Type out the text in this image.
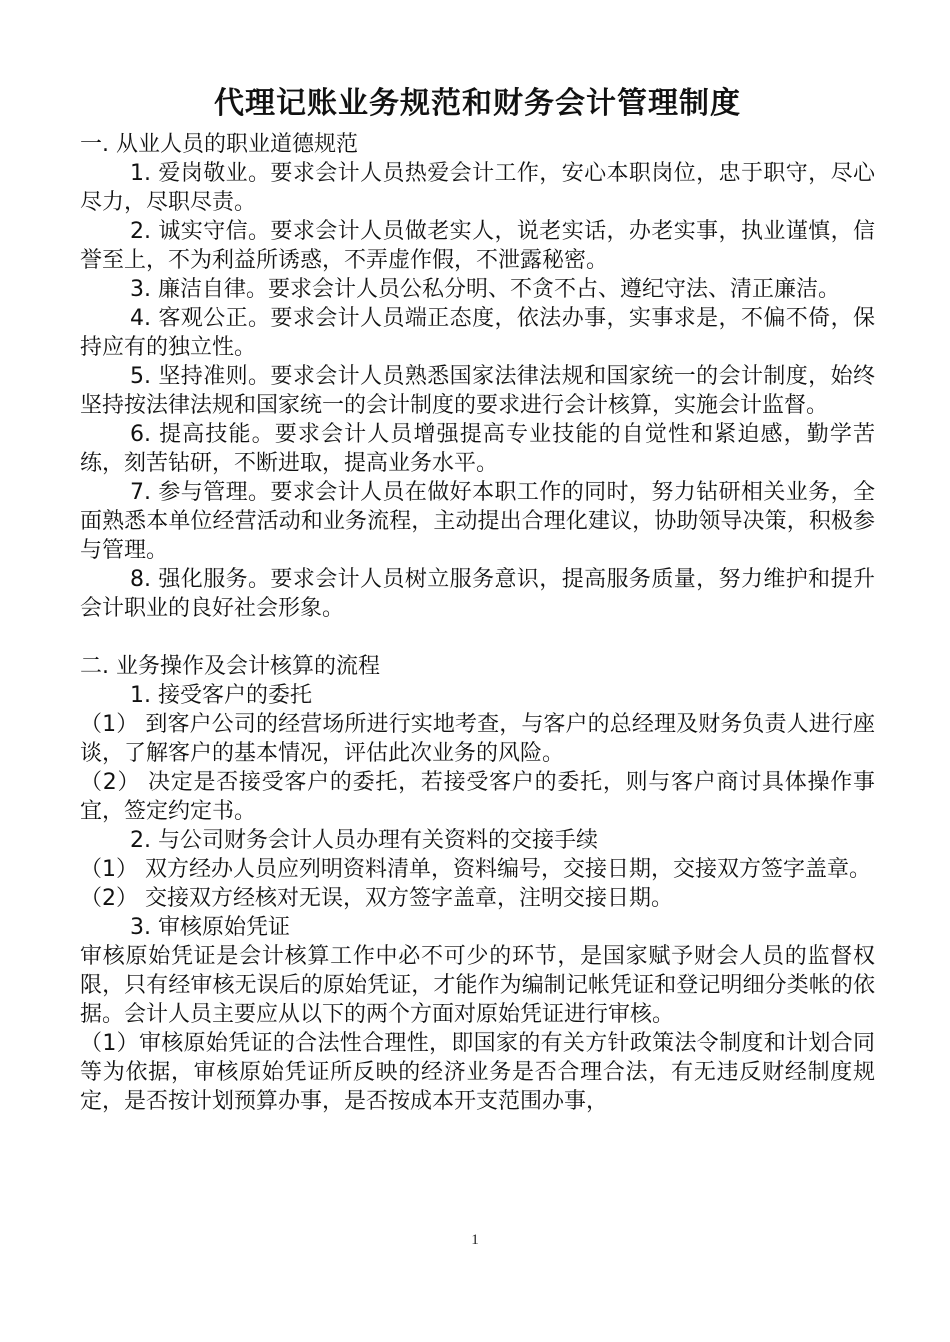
代理记账业务规范和财务会计管理制度

一. 从业人员的职业道德规范

1. 爱岗敬业。要求会计人员热爱会计工作，安心本职岗位，忠于职守，尽心尽力，尽职尽责。

2. 诚实守信。要求会计人员做老实人，说老实话，办老实事，执业谨慎，信誉至上，不为利益所诱惑，不弄虚作假，不泄露秘密。

3. 廉洁自律。要求会计人员公私分明、不贪不占、遵纪守法、清正廉洁。

4. 客观公正。要求会计人员端正态度，依法办事，实事求是，不偏不倚，保持应有的独立性。

5. 坚持准则。要求会计人员熟悉国家法律法规和国家统一的会计制度，始终坚持按法律法规和国家统一的会计制度的要求进行会计核算，实施会计监督。

6. 提高技能。要求会计人员增强提高专业技能的自觉性和紧迫感，勤学苦练，刻苦钻研，不断进取，提高业务水平。

7. 参与管理。要求会计人员在做好本职工作的同时，努力钻研相关业务，全面熟悉本单位经营活动和业务流程，主动提出合理化建议，协助领导决策，积极参与管理。

8. 强化服务。要求会计人员树立服务意识，提高服务质量，努力维护和提升会计职业的良好社会形象。

二. 业务操作及会计核算的流程

1. 接受客户的委托

（1） 到客户公司的经营场所进行实地考查，与客户的总经理及财务负责人进行座谈，了解客户的基本情况，评估此次业务的风险。

（2） 决定是否接受客户的委托，若接受客户的委托，则与客户商讨具体操作事宜，签定约定书。

2. 与公司财务会计人员办理有关资料的交接手续

（1） 双方经办人员应列明资料清单，资料编号，交接日期，交接双方签字盖章。

（2） 交接双方经核对无误，双方签字盖章，注明交接日期。

3. 审核原始凭证

审核原始凭证是会计核算工作中必不可少的环节，是国家赋予财会人员的监督权限，只有经审核无误后的原始凭证，才能作为编制记帐凭证和登记明细分类帐的依据。会计人员主要应从以下的两个方面对原始凭证进行审核。

（1）审核原始凭证的合法性合理性，即国家的有关方针政策法令制度和计划合同等为依据，审核原始凭证所反映的经济业务是否合理合法，有无违反财经制度规定，是否按计划预算办事，是否按成本开支范围办事，

1
